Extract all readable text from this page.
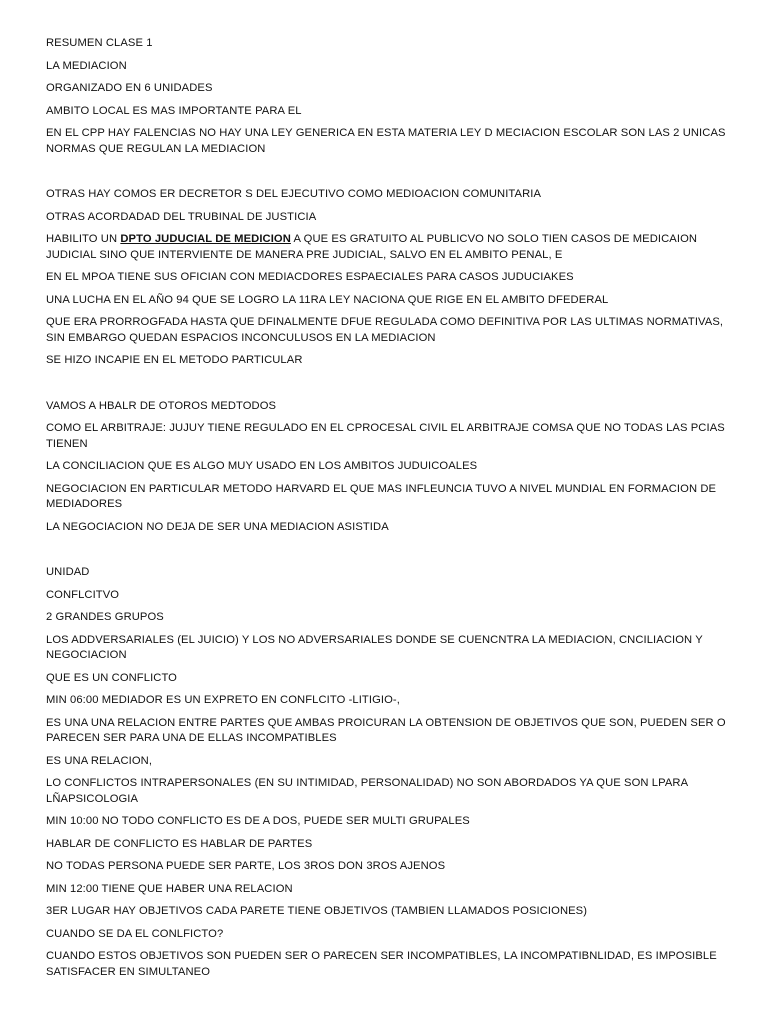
RESUMEN CLASE 1

LA MEDIACION

ORGANIZADO EN 6 UNIDADES

AMBITO LOCAL ES MAS IMPORTANTE PARA EL

EN EL CPP HAY FALENCIAS NO HAY UNA LEY GENERICA EN ESTA MATERIA LEY D MECIACION ESCOLAR SON LAS 2 UNICAS NORMAS QUE REGULAN LA MEDIACION

OTRAS HAY COMOS ER DECRETOR S DEL EJECUTIVO COMO MEDIOACION COMUNITARIA

OTRAS ACORDADAD DEL TRUBINAL DE JUSTICIA

HABILITO UN DPTO JUDUCIAL DE MEDICION A QUE ES GRATUITO AL PUBLICVO NO SOLO TIEN CASOS DE MEDICAION JUDICIAL SINO QUE INTERVIENTE DE MANERA PRE JUDICIAL, SALVO EN EL AMBITO PENAL, E

EN EL MPOA TIENE SUS OFICIAN CON MEDIACDORES ESPAECIALES PARA CASOS JUDUCIAKES

UNA LUCHA EN EL AÑO 94 QUE SE LOGRO LA 11RA LEY NACIONA QUE RIGE EN EL AMBITO DFEDERAL

QUE ERA PRORROGFADA HASTA QUE DFINALMENTE DFUE REGULADA COMO DEFINITIVA POR LAS ULTIMAS NORMATIVAS, SIN EMBARGO QUEDAN ESPACIOS INCONCULUSOS EN LA MEDIACION

SE HIZO INCAPIE EN EL METODO PARTICULAR

VAMOS A HBALR DE OTOROS MEDTODOS

COMO EL ARBITRAJE: JUJUY TIENE REGULADO EN EL CPROCESAL CIVIL EL ARBITRAJE COMSA QUE NO TODAS LAS PCIAS TIENEN

LA CONCILIACION QUE ES ALGO MUY USADO EN LOS AMBITOS JUDUICOALES

NEGOCIACION EN PARTICULAR METODO HARVARD EL QUE MAS INFLEUNCIA TUVO A NIVEL MUNDIAL EN FORMACION DE MEDIADORES

LA NEGOCIACION NO DEJA DE SER UNA MEDIACION ASISTIDA

UNIDAD

CONFLCITVO

2 GRANDES GRUPOS

LOS ADDVERSARIALES (EL JUICIO) Y LOS NO ADVERSARIALES DONDE SE CUENCNTRA LA MEDIACION, CNCILIACION Y NEGOCIACION

QUE ES UN CONFLICTO

MIN 06:00 MEDIADOR ES UN EXPRETO EN CONFLCITO -LITIGIO-,

ES UNA UNA RELACION ENTRE PARTES QUE AMBAS PROICURAN LA OBTENSION DE OBJETIVOS QUE SON, PUEDEN SER O PARECEN SER PARA UNA DE ELLAS INCOMPATIBLES

ES UNA RELACION,

LO CONFLICTOS INTRAPERSONALES (EN SU INTIMIDAD, PERSONALIDAD) NO SON ABORDADOS YA QUE SON LPARA LÑAPSICOLOGIA

MIN 10:00 NO TODO CONFLICTO ES DE A DOS, PUEDE SER MULTI GRUPALES

HABLAR DE CONFLICTO ES HABLAR DE PARTES

NO TODAS PERSONA PUEDE SER PARTE, LOS 3ROS DON 3ROS AJENOS

MIN 12:00 TIENE QUE HABER UNA RELACION

3ER LUGAR HAY OBJETIVOS CADA PARETE TIENE OBJETIVOS (TAMBIEN LLAMADOS POSICIONES)

CUANDO SE DA EL CONLFICTO?

CUANDO ESTOS OBJETIVOS SON PUEDEN SER O PARECEN SER INCOMPATIBLES, LA INCOMPATIBNLIDAD, ES IMPOSIBLE SATISFACER EN SIMULTANEO
